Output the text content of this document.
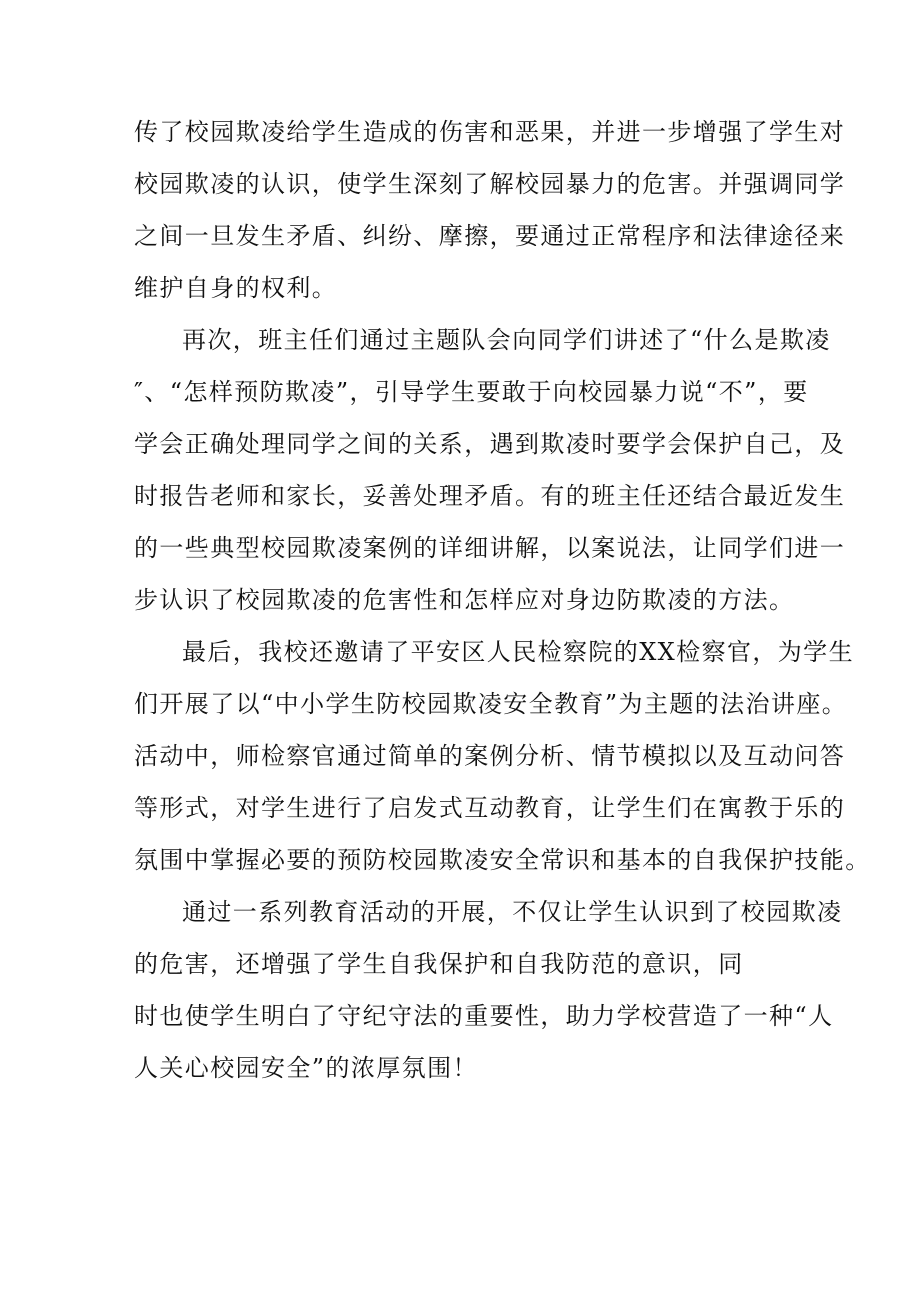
传了校园欺凌给学生造成的伤害和恶果，并进一步增强了学生对
校园欺凌的认识，使学生深刻了解校园暴力的危害。并强调同学
之间一旦发生矛盾、纠纷、摩擦，要通过正常程序和法律途径来
维护自身的权利。
再次，班主任们通过主题队会向同学们讲述了“什么是欺凌
″、“怎样预防欺凌”，引导学生要敢于向校园暴力说“不”，要
学会正确处理同学之间的关系，遇到欺凌时要学会保护自己，及
时报告老师和家长，妥善处理矛盾。有的班主任还结合最近发生
的一些典型校园欺凌案例的详细讲解，以案说法，让同学们进一
步认识了校园欺凌的危害性和怎样应对身边防欺凌的方法。
最后，我校还邀请了平安区人民检察院的XX检察官，为学生
们开展了以“中小学生防校园欺凌安全教育”为主题的法治讲座。
活动中，师检察官通过简单的案例分析、情节模拟以及互动问答
等形式，对学生进行了启发式互动教育，让学生们在寓教于乐的
氛围中掌握必要的预防校园欺凌安全常识和基本的自我保护技能。
通过一系列教育活动的开展，不仅让学生认识到了校园欺凌
的危害，还增强了学生自我保护和自我防范的意识，同
时也使学生明白了守纪守法的重要性，助力学校营造了一种“人
人关心校园安全”的浓厚氛围！
